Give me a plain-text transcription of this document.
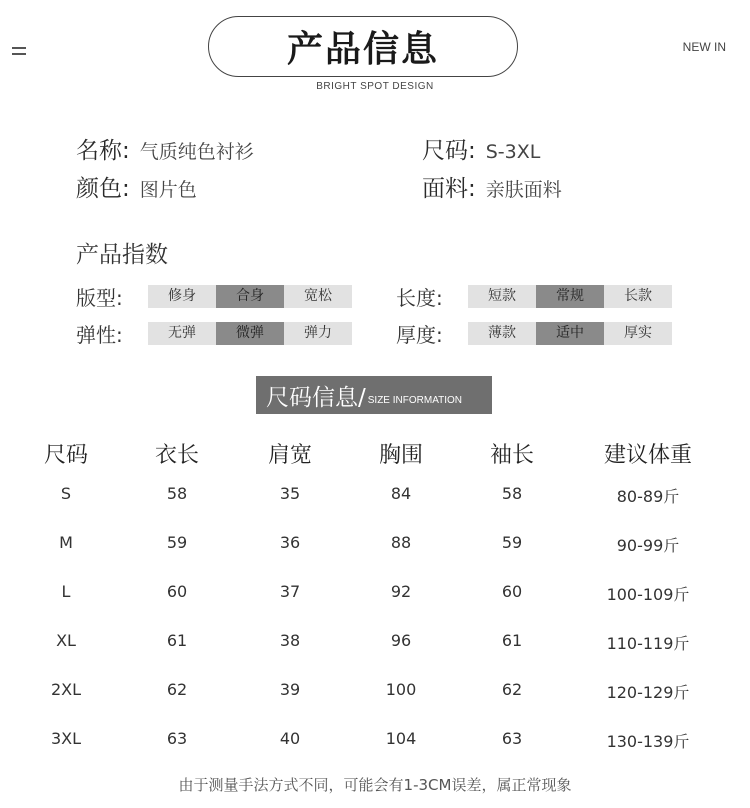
NEW IN
产品信息
BRIGHT SPOT DESIGN
名称: 气质纯色衬衫	尺码: S-3XL
颜色: 图片色	面料: 亲肤面料
产品指数
版型:	修身	合身	宽松	长度:	短款	常规	长款
弹性:	无弹	微弹	弹力	厚度:	薄款	适中	厚实
尺码信息/ SIZE INFORMATION
尺码	衣长	肩宽	胸围	袖长	建议体重
S	58	35	84	58	80-89斤
M	59	36	88	59	90-99斤
L	60	37	92	60	100-109斤
XL	61	38	96	61	110-119斤
2XL	62	39	100	62	120-129斤
3XL	63	40	104	63	130-139斤
由于测量手法方式不同，可能会有1-3CM误差，属正常现象
